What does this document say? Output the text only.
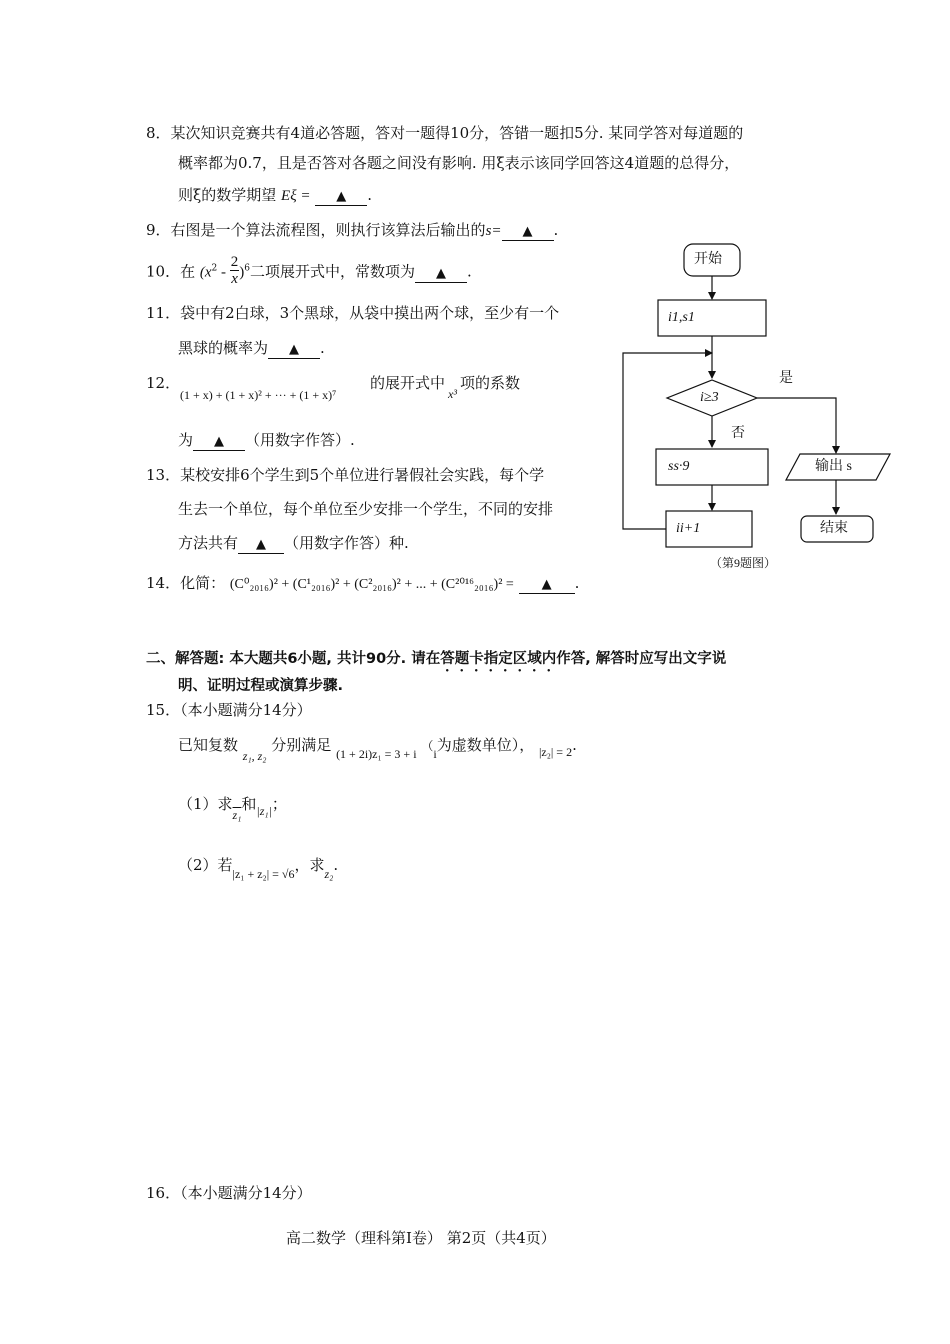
8．某次知识竞赛共有4道必答题，答对一题得10分，答错一题扣5分. 某同学答对每道题的
概率都为0.7，且是否答对各题之间没有影响. 用ξ表示该同学回答这4道题的总得分，
则ξ的数学期望 Eξ = ▲ .
9．右图是一个算法流程图，则执行该算法后输出的s= ▲ .
10．在 $(x^2 - \frac{2}{x} )^6$二项展开式中，常数项为 ▲ .
11．袋中有2白球，3个黑球，从袋中摸出两个球，至少有一个
黑球的概率为 ▲ .
12．
(1 + x) + (1 + x)² + ··· + (1 + x)⁷
的展开式中$_{x^3}$项的系数
为 ▲ （用数字作答）.
13．某校安排6个学生到5个单位进行暑假社会实践，每个学
生去一个单位，每个单位至少安排一个学生，不同的安排
方法共有 ▲ （用数字作答）种.
14．化简： (C⁰₂₀₁₆)² + (C¹₂₀₁₆)² + (C²₂₀₁₆)² + ... + (C²⁰¹⁶₂₀₁₆)² = ▲ .
二、解答题: 本大题共6小题, 共计90分. 请在答题卡指定区域内作答, 解答时应写出文字说
明、证明过程或演算步骤.
15．（本小题满分14分）
已知复数 $_{z_1, z_2}$ 分别满足 $_{(1 + 2i)z_1 = 3 + i}$ （$_i$为虚数单位）， $_{|z_2| = 2}$.
（1）求$_{z_1}$和$_{|z_1|}$；
（2）若$_{|z_1 + z_2| = √6}$，求$_{z_2}$.
16．（本小题满分14分）
高二数学（理科第Ⅰ卷） 第2页（共4页）
开始
i1,s1
i≥3
是
否
ss·9
ii+1
输出 s
结束
（第9题图）
